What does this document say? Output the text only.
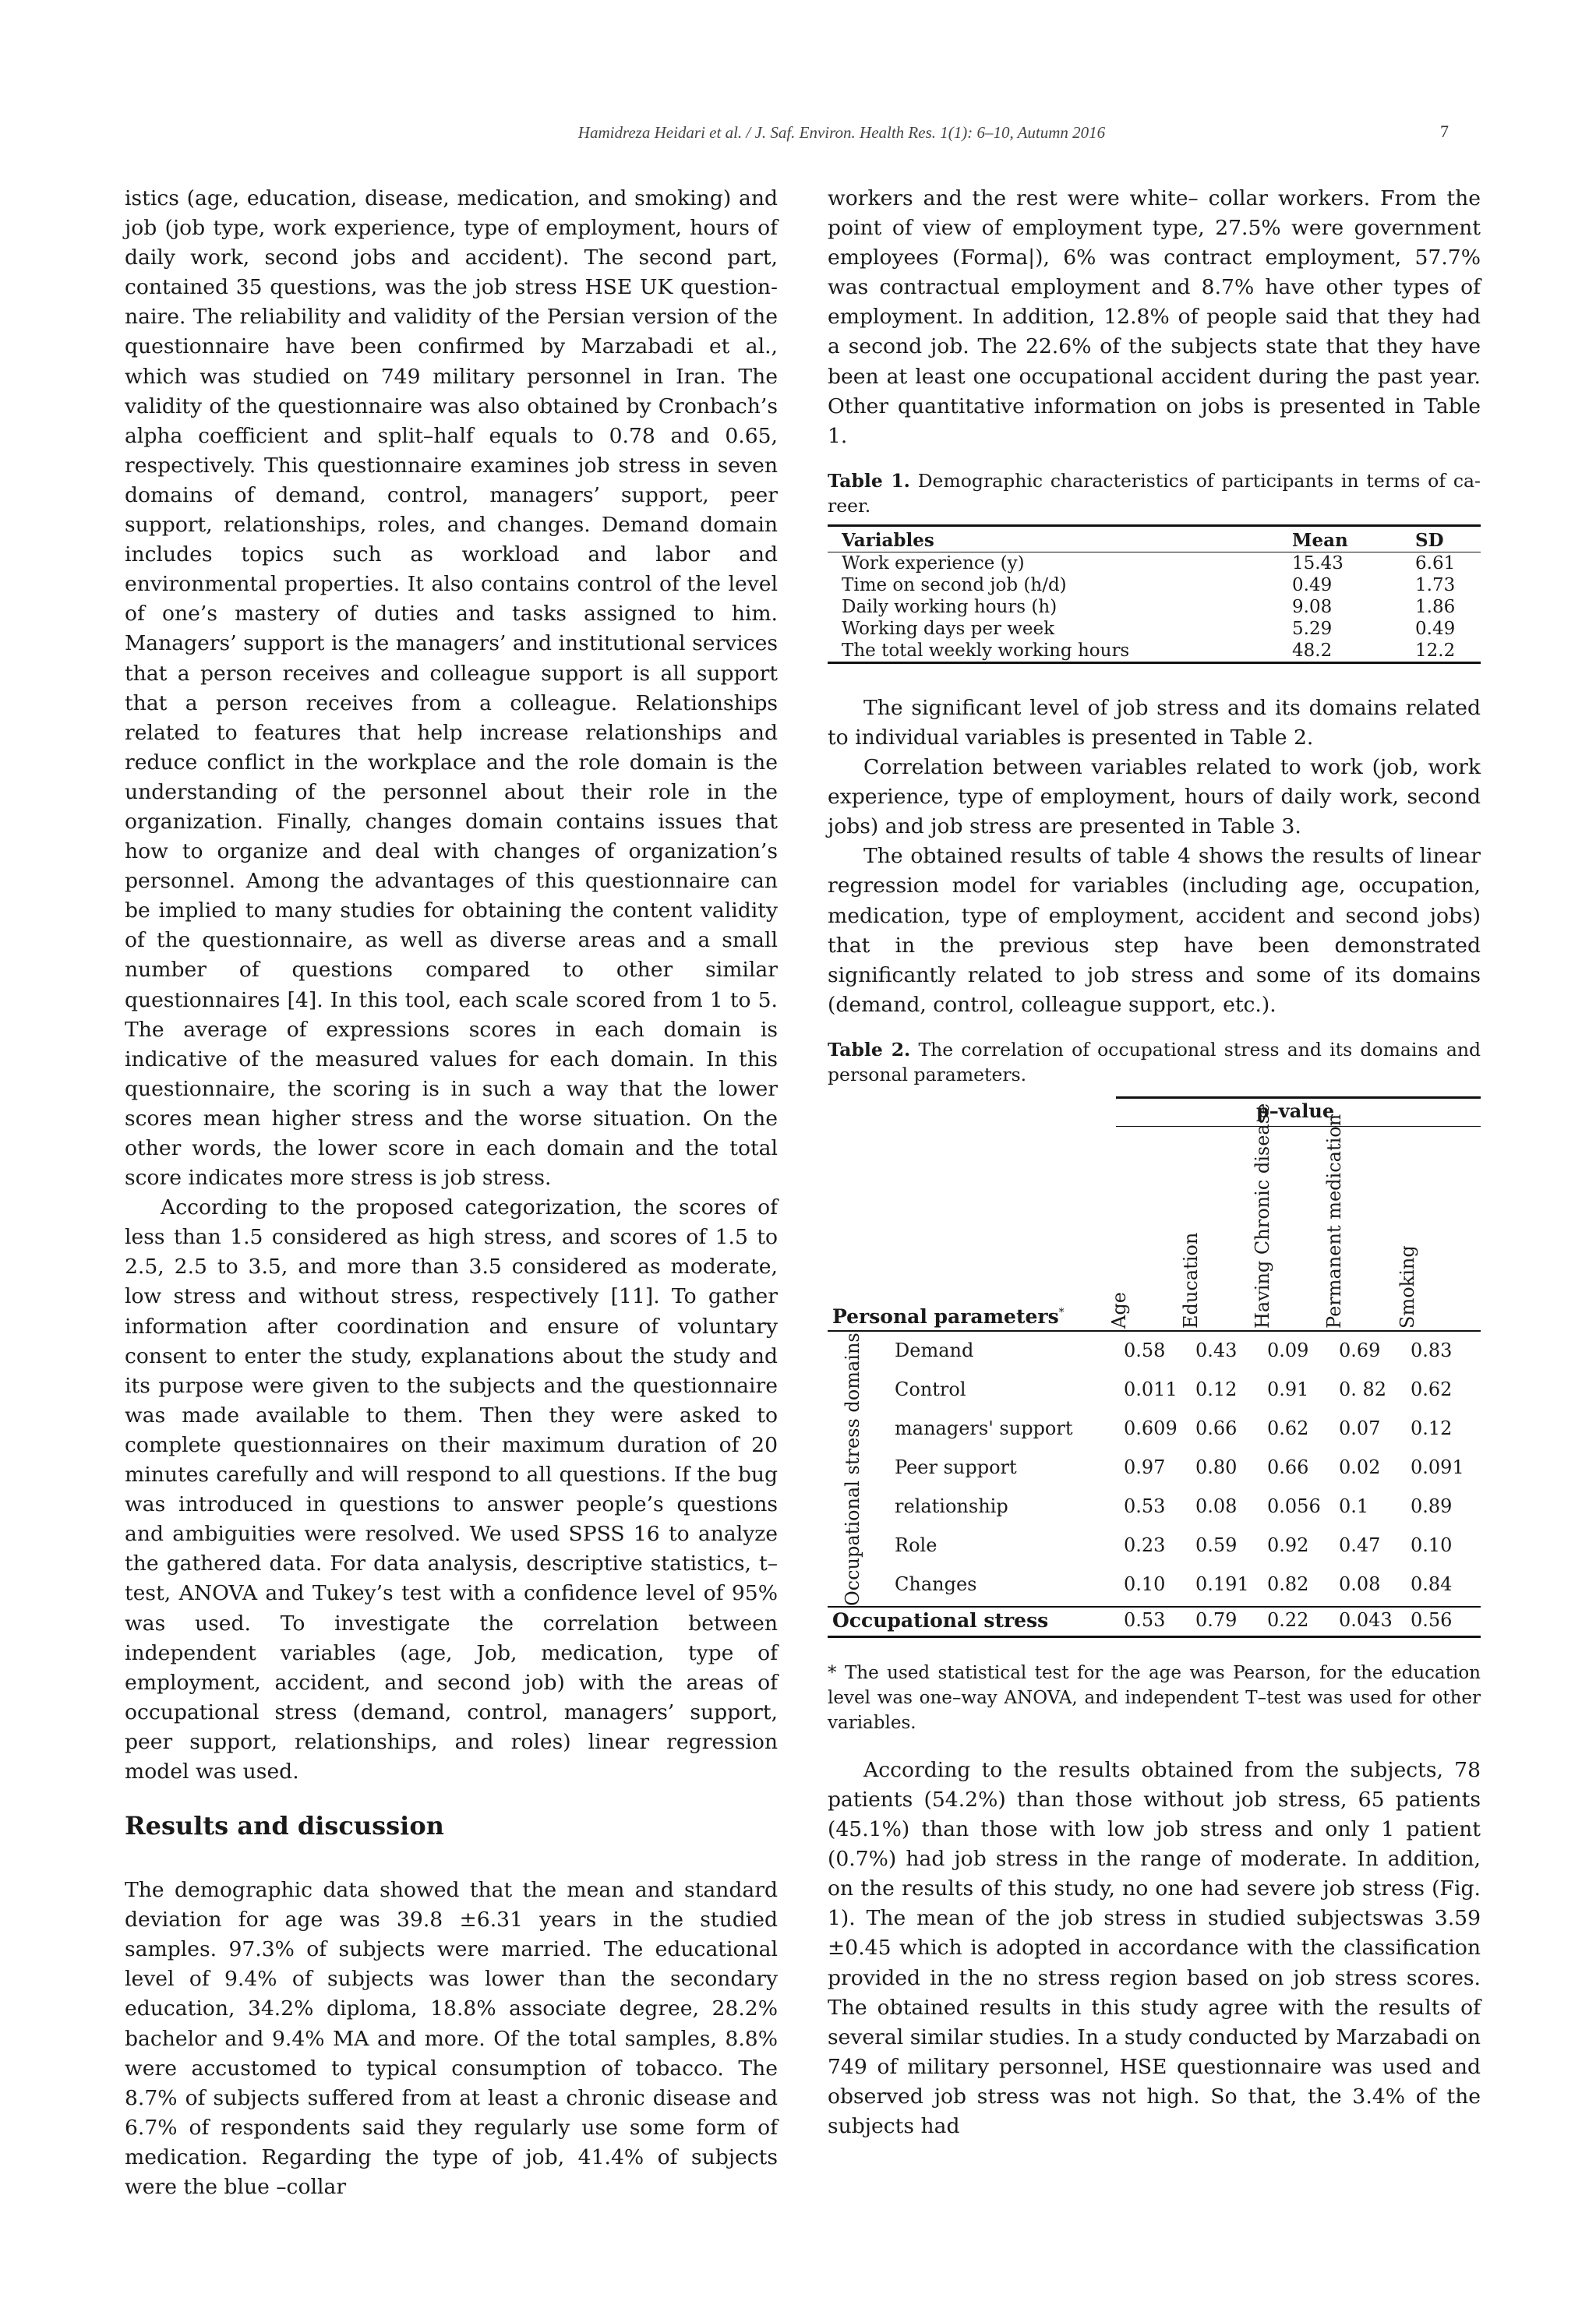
Hamidreza Heidari et al. / J. Saf. Environ. Health Res. 1(1): 6–10, Autumn 2016	7

istics (age, education, disease, medication, and smoking) and job (job type, work experience, type of employment, hours of daily work, second jobs and accident). The second part, contained 35 questions, was the job stress HSE UK questionnaire. The reliability and validity of the Persian version of the questionnaire have been confirmed by Marzabadi et al., which was studied on 749 military personnel in Iran. The validity of the questionnaire was also obtained by Cronbach’s alpha coefficient and split–half equals to 0.78 and 0.65, respectively. This questionnaire examines job stress in seven domains of demand, control, managers’ support, peer support, relationships, roles, and changes. Demand domain includes topics such as workload and labor and environmental properties. It also contains control of the level of one’s mastery of duties and tasks assigned to him. Managers’ support is the managers’ and institutional services that a person receives and colleague support is all support that a person receives from a colleague. Relationships related to features that help increase relationships and reduce conflict in the workplace and the role domain is the understanding of the personnel about their role in the organization. Finally, changes domain contains issues that how to organize and deal with changes of organization’s personnel. Among the advantages of this questionnaire can be implied to many studies for obtaining the content validity of the questionnaire, as well as diverse areas and a small number of questions compared to other similar questionnaires [4]. In this tool, each scale scored from 1 to 5. The average of expressions scores in each domain is indicative of the measured values for each domain. In this questionnaire, the scoring is in such a way that the lower scores mean higher stress and the worse situation. On the other words, the lower score in each domain and the total score indicates more stress is job stress.

According to the proposed categorization, the scores of less than 1.5 considered as high stress, and scores of 1.5 to 2.5, 2.5 to 3.5, and more than 3.5 considered as moderate, low stress and without stress, respectively [11]. To gather information after coordination and ensure of voluntary consent to enter the study, explanations about the study and its purpose were given to the subjects and the questionnaire was made available to them. Then they were asked to complete questionnaires on their maximum duration of 20 minutes carefully and will respond to all questions. If the bug was introduced in questions to answer people’s questions and ambiguities were resolved. We used SPSS 16 to analyze the gathered data. For data analysis, descriptive statistics, t–test, ANOVA and Tukey’s test with a confidence level of 95% was used. To investigate the correlation between independent variables (age, Job, medication, type of employment, accident, and second job) with the areas of occupational stress (demand, control, managers’ support, peer support, relationships, and roles) linear regression model was used.

Results and discussion

The demographic data showed that the mean and standard deviation for age was 39.8 ±6.31 years in the studied samples. 97.3% of subjects were married. The educational level of 9.4% of subjects was lower than the secondary education, 34.2% diploma, 18.8% associate degree, 28.2% bachelor and 9.4% MA and more. Of the total samples, 8.8% were accustomed to typical consumption of tobacco. The 8.7% of subjects suffered from at least a chronic disease and 6.7% of respondents said they regularly use some form of medication. Regarding the type of job, 41.4% of subjects were the blue –collar

workers and the rest were white– collar workers. From the point of view of employment type, 27.5% were government employees (Forma|), 6% was contract employment, 57.7% was contractual employment and 8.7% have other types of employment. In addition, 12.8% of people said that they had a second job. The 22.6% of the subjects state that they have been at least one occupational accident during the past year. Other quantitative information on jobs is presented in Table 1.

Table 1. Demographic characteristics of participants in terms of career.

Variables	Mean	SD
Work experience (y)	15.43	6.61
Time on second job (h/d)	0.49	1.73
Daily working hours (h)	9.08	1.86
Working days per week	5.29	0.49
The total weekly working hours	48.2	12.2

The significant level of job stress and its domains related to individual variables is presented in Table 2.

Correlation between variables related to work (job, work experience, type of employment, hours of daily work, second jobs) and job stress are presented in Table 3.

The obtained results of table 4 shows the results of linear regression model for variables (including age, occupation, medication, type of employment, accident and second jobs) that in the previous step have been demonstrated significantly related to job stress and some of its domains (demand, control, colleague support, etc.).

Table 2. The correlation of occupational stress and its domains and personal parameters.

p–value
Age	Education	Having Chronic disease	Permanent medication	Smoking
Personal parameters*
Occupational stress domains Demand	0.58 0.43 0.09 0.69 0.83
Control	0.011 0.12 0.91 0. 82 0.62
managers' support	0.609 0.66 0.62 0.07 0.12
Peer support	0.97 0.80 0.66 0.02 0.091
relationship	0.53 0.08 0.056 0.1 0.89
Role	0.23 0.59 0.92 0.47 0.10
Changes	0.10 0.191 0.82 0.08 0.84
Occupational stress	0.53 0.79 0.22 0.043 0.56

* The used statistical test for the age was Pearson, for the education level was one–way ANOVA, and independent T–test was used for other variables.

According to the results obtained from the subjects, 78 patients (54.2%) than those without job stress, 65 patients (45.1%) than those with low job stress and only 1 patient (0.7%) had job stress in the range of moderate. In addition, on the results of this study, no one had severe job stress (Fig. 1). The mean of the job stress in studied subjectswas 3.59 ±0.45 which is adopted in accordance with the classification provided in the no stress region based on job stress scores. The obtained results in this study agree with the results of several similar studies. In a study conducted by Marzabadi on 749 of military personnel, HSE questionnaire was used and observed job stress was not high. So that, the 3.4% of the subjects had
